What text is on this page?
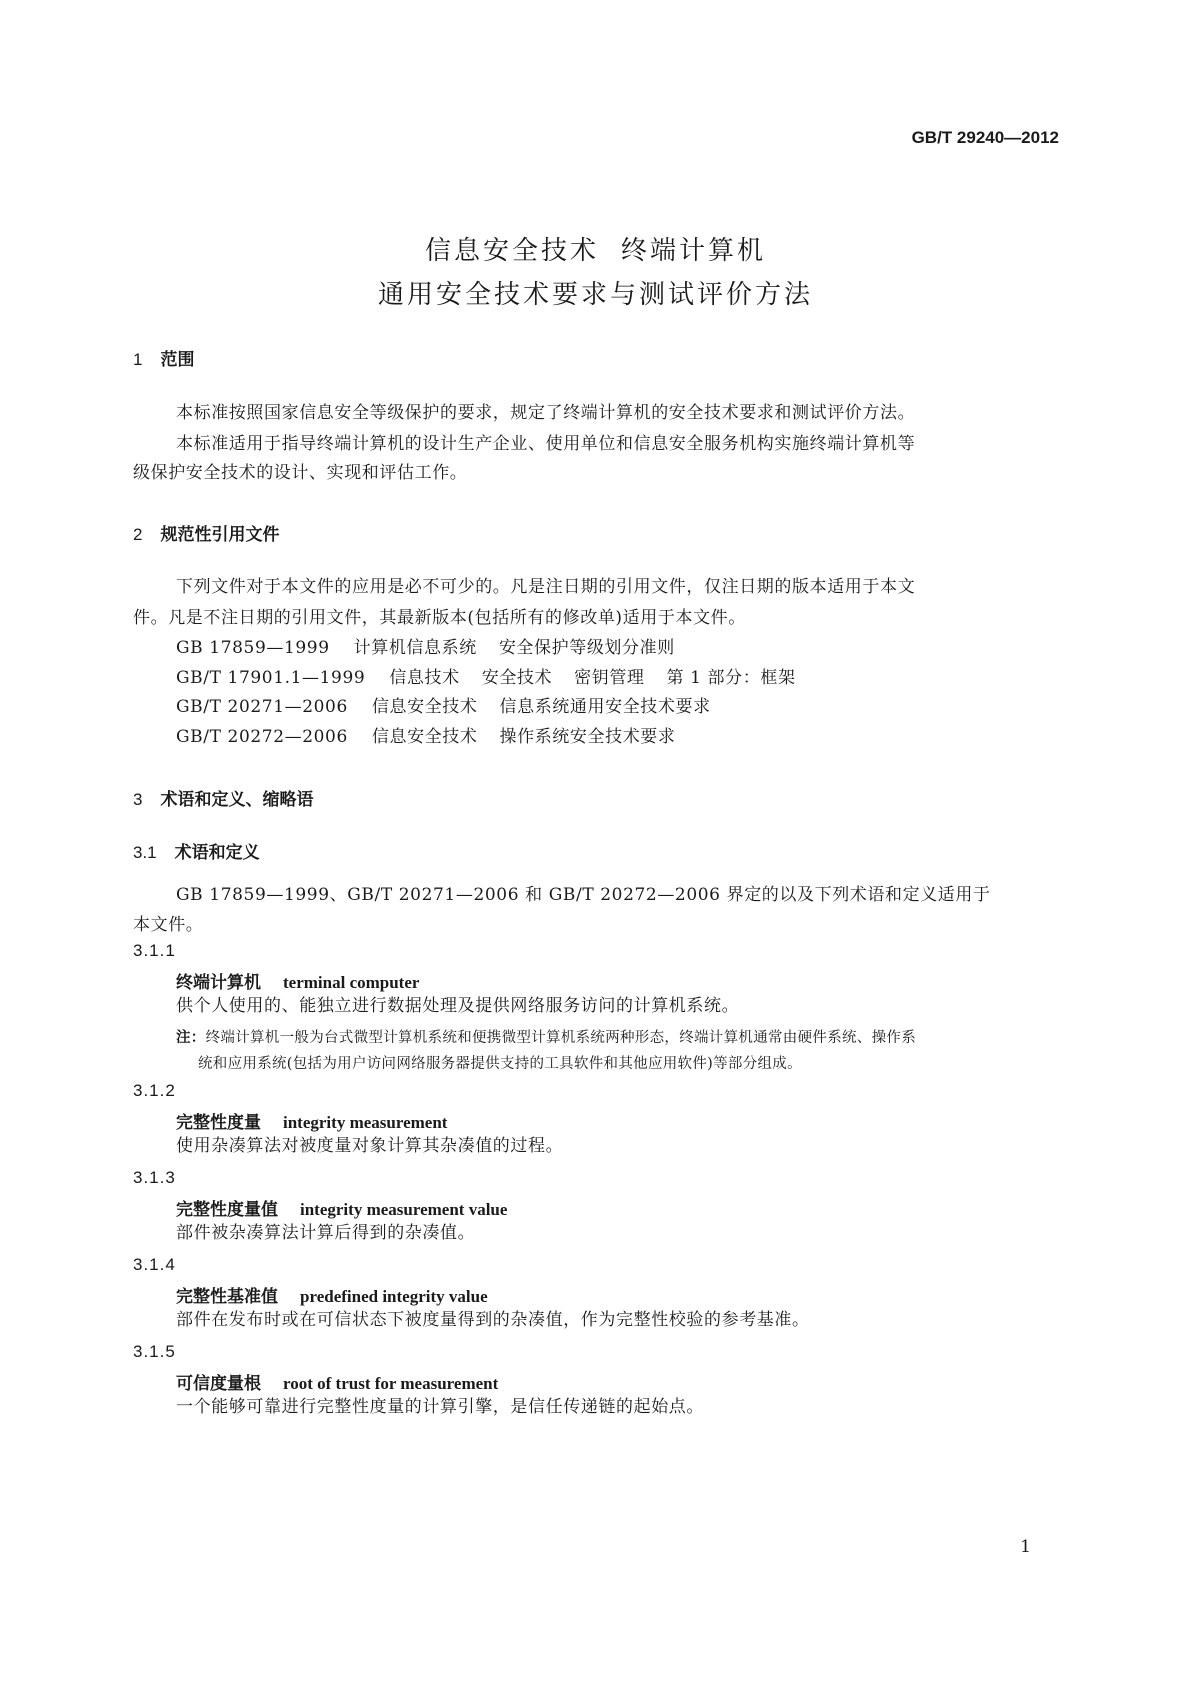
GB/T 29240—2012
信息安全技术 终端计算机
通用安全技术要求与测试评价方法
1 范围
本标准按照国家信息安全等级保护的要求，规定了终端计算机的安全技术要求和测试评价方法。
本标准适用于指导终端计算机的设计生产企业、使用单位和信息安全服务机构实施终端计算机等
级保护安全技术的设计、实现和评估工作。
2 规范性引用文件
下列文件对于本文件的应用是必不可少的。凡是注日期的引用文件，仅注日期的版本适用于本文
件。凡是不注日期的引用文件，其最新版本(包括所有的修改单)适用于本文件。
GB 17859—1999 计算机信息系统 安全保护等级划分准则
GB/T 17901.1—1999 信息技术 安全技术 密钥管理 第 1 部分：框架
GB/T 20271—2006 信息安全技术 信息系统通用安全技术要求
GB/T 20272—2006 信息安全技术 操作系统安全技术要求
3 术语和定义、缩略语
3.1 术语和定义
GB 17859—1999、GB/T 20271—2006 和 GB/T 20272—2006 界定的以及下列术语和定义适用于
本文件。
3.1.1
终端计算机 terminal computer
供个人使用的、能独立进行数据处理及提供网络服务访问的计算机系统。
注：终端计算机一般为台式微型计算机系统和便携微型计算机系统两种形态，终端计算机通常由硬件系统、操作系
统和应用系统(包括为用户访问网络服务器提供支持的工具软件和其他应用软件)等部分组成。
3.1.2
完整性度量 integrity measurement
使用杂凑算法对被度量对象计算其杂凑值的过程。
3.1.3
完整性度量值 integrity measurement value
部件被杂凑算法计算后得到的杂凑值。
3.1.4
完整性基准值 predefined integrity value
部件在发布时或在可信状态下被度量得到的杂凑值，作为完整性校验的参考基准。
3.1.5
可信度量根 root of trust for measurement
一个能够可靠进行完整性度量的计算引擎，是信任传递链的起始点。
1
